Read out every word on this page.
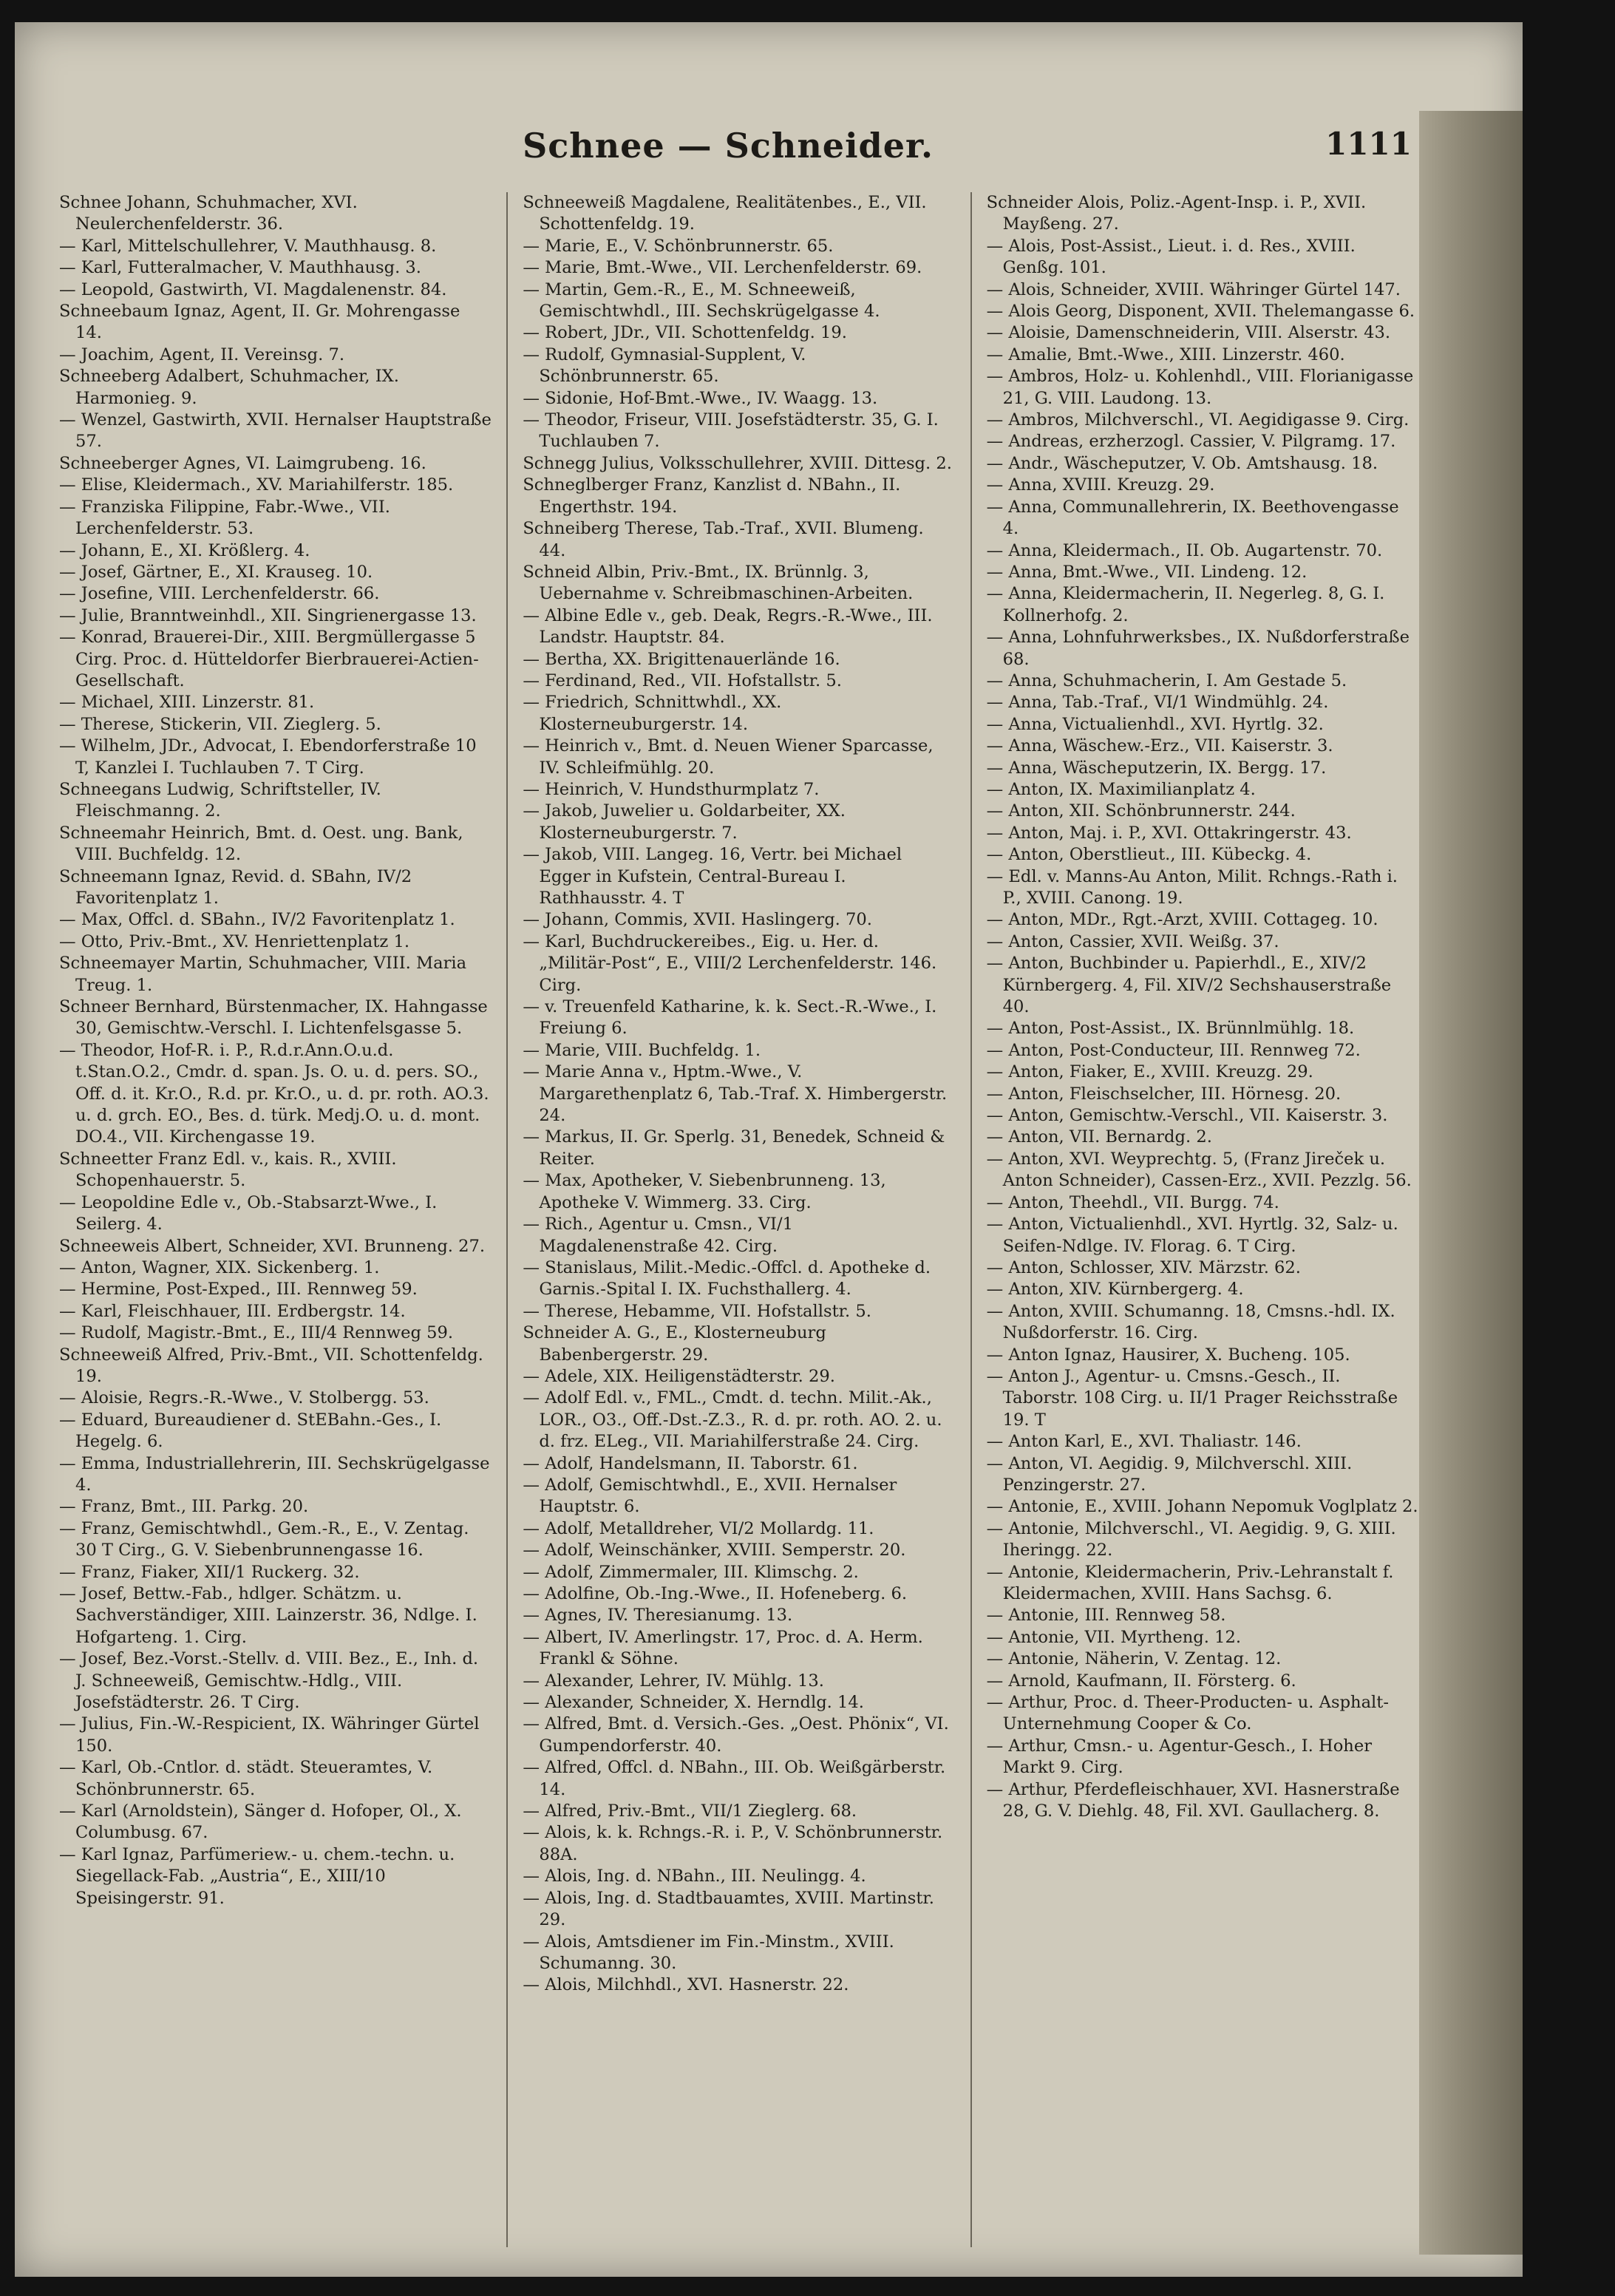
Schnee — Schneider.	1111

Schnee Johann, Schuhmacher, XVI. Neulerchenfelderstr. 36.

— Karl, Mittelschullehrer, V. Mauthhausg. 8.

— Karl, Futteralmacher, V. Mauthhausg. 3.

— Leopold, Gastwirth, VI. Magdalenenstr. 84.

Schneebaum Ignaz, Agent, II. Gr. Mohrengasse 14.

— Joachim, Agent, II. Vereinsg. 7.

Schneeberg Adalbert, Schuhmacher, IX. Harmonieg. 9.

— Wenzel, Gastwirth, XVII. Hernalser Hauptstraße 57.

Schneeberger Agnes, VI. Laimgrubeng. 16.

— Elise, Kleidermach., XV. Mariahilferstr. 185.

— Franziska Filippine, Fabr.-Wwe., VII. Lerchenfelderstr. 53.

— Johann, E., XI. Krößlerg. 4.

— Josef, Gärtner, E., XI. Krauseg. 10.

— Josefine, VIII. Lerchenfelderstr. 66.

— Julie, Branntweinhdl., XII. Singrienergasse 13.

— Konrad, Brauerei-Dir., XIII. Bergmüllergasse 5 Cirg. Proc. d. Hütteldorfer Bierbrauerei-Actien-Gesellschaft.

— Michael, XIII. Linzerstr. 81.

— Therese, Stickerin, VII. Zieglerg. 5.

— Wilhelm, JDr., Advocat, I. Ebendorferstraße 10 T, Kanzlei I. Tuchlauben 7. T Cirg.

Schneegans Ludwig, Schriftsteller, IV. Fleischmanng. 2.

Schneemahr Heinrich, Bmt. d. Oest. ung. Bank, VIII. Buchfeldg. 12.

Schneemann Ignaz, Revid. d. SBahn, IV/2 Favoritenplatz 1.

— Max, Offcl. d. SBahn., IV/2 Favoritenplatz 1.

— Otto, Priv.-Bmt., XV. Henriettenplatz 1.

Schneemayer Martin, Schuhmacher, VIII. Maria Treug. 1.

Schneer Bernhard, Bürstenmacher, IX. Hahngasse 30, Gemischtw.-Verschl. I. Lichtenfelsgasse 5.

— Theodor, Hof-R. i. P., R.d.r.Ann.O.u.d. t.Stan.O.2., Cmdr. d. span. Js. O. u. d. pers. SO., Off. d. it. Kr.O., R.d. pr. Kr.O., u. d. pr. roth. AO.3. u. d. grch. EO., Bes. d. türk. Medj.O. u. d. mont. DO.4., VII. Kirchengasse 19.

Schneetter Franz Edl. v., kais. R., XVIII. Schopenhauerstr. 5.

— Leopoldine Edle v., Ob.-Stabsarzt-Wwe., I. Seilerg. 4.

Schneeweis Albert, Schneider, XVI. Brunneng. 27.

— Anton, Wagner, XIX. Sickenberg. 1.

— Hermine, Post-Exped., III. Rennweg 59.

— Karl, Fleischhauer, III. Erdbergstr. 14.

— Rudolf, Magistr.-Bmt., E., III/4 Rennweg 59.

Schneeweiß Alfred, Priv.-Bmt., VII. Schottenfeldg. 19.

— Aloisie, Regrs.-R.-Wwe., V. Stolbergg. 53.

— Eduard, Bureaudiener d. StEBahn.-Ges., I. Hegelg. 6.

— Emma, Industriallehrerin, III. Sechskrügelgasse 4.

— Franz, Bmt., III. Parkg. 20.

— Franz, Gemischtwhdl., Gem.-R., E., V. Zentag. 30 T Cirg., G. V. Siebenbrunnengasse 16.

— Franz, Fiaker, XII/1 Ruckerg. 32.

— Josef, Bettw.-Fab., hdlger. Schätzm. u. Sachverständiger, XIII. Lainzerstr. 36, Ndlge. I. Hofgarteng. 1. Cirg.

— Josef, Bez.-Vorst.-Stellv. d. VIII. Bez., E., Inh. d. J. Schneeweiß, Gemischtw.-Hdlg., VIII. Josefstädterstr. 26. T Cirg.

— Julius, Fin.-W.-Respicient, IX. Währinger Gürtel 150.

— Karl, Ob.-Cntlor. d. städt. Steueramtes, V. Schönbrunnerstr. 65.

— Karl (Arnoldstein), Sänger d. Hofoper, Ol., X. Columbusg. 67.

— Karl Ignaz, Parfümeriew.- u. chem.-techn. u. Siegellack-Fab. „Austria“, E., XIII/10 Speisingerstr. 91.

Schneeweiß Magdalene, Realitätenbes., E., VII. Schottenfeldg. 19.

— Marie, E., V. Schönbrunnerstr. 65.

— Marie, Bmt.-Wwe., VII. Lerchenfelderstr. 69.

— Martin, Gem.-R., E., M. Schneeweiß, Gemischtwhdl., III. Sechskrügelgasse 4.

— Robert, JDr., VII. Schottenfeldg. 19.

— Rudolf, Gymnasial-Supplent, V. Schönbrunnerstr. 65.

— Sidonie, Hof-Bmt.-Wwe., IV. Waagg. 13.

— Theodor, Friseur, VIII. Josefstädterstr. 35, G. I. Tuchlauben 7.

Schnegg Julius, Volksschullehrer, XVIII. Dittesg. 2.

Schneglberger Franz, Kanzlist d. NBahn., II. Engerthstr. 194.

Schneiberg Therese, Tab.-Traf., XVII. Blumeng. 44.

Schneid Albin, Priv.-Bmt., IX. Brünnlg. 3, Uebernahme v. Schreibmaschinen-Arbeiten.

— Albine Edle v., geb. Deak, Regrs.-R.-Wwe., III. Landstr. Hauptstr. 84.

— Bertha, XX. Brigittenauerlände 16.

— Ferdinand, Red., VII. Hofstallstr. 5.

— Friedrich, Schnittwhdl., XX. Klosterneuburgerstr. 14.

— Heinrich v., Bmt. d. Neuen Wiener Sparcasse, IV. Schleifmühlg. 20.

— Heinrich, V. Hundsthurmplatz 7.

— Jakob, Juwelier u. Goldarbeiter, XX. Klosterneuburgerstr. 7.

— Jakob, VIII. Langeg. 16, Vertr. bei Michael Egger in Kufstein, Central-Bureau I. Rathhausstr. 4. T

— Johann, Commis, XVII. Haslingerg. 70.

— Karl, Buchdruckereibes., Eig. u. Her. d. „Militär-Post“, E., VIII/2 Lerchenfelderstr. 146. Cirg.

— v. Treuenfeld Katharine, k. k. Sect.-R.-Wwe., I. Freiung 6.

— Marie, VIII. Buchfeldg. 1.

— Marie Anna v., Hptm.-Wwe., V. Margarethenplatz 6, Tab.-Traf. X. Himbergerstr. 24.

— Markus, II. Gr. Sperlg. 31, Benedek, Schneid & Reiter.

— Max, Apotheker, V. Siebenbrunneng. 13, Apotheke V. Wimmerg. 33. Cirg.

— Rich., Agentur u. Cmsn., VI/1 Magdalenenstraße 42. Cirg.

— Stanislaus, Milit.-Medic.-Offcl. d. Apotheke d. Garnis.-Spital I. IX. Fuchsthallerg. 4.

— Therese, Hebamme, VII. Hofstallstr. 5.

Schneider A. G., E., Klosterneuburg Babenbergerstr. 29.

— Adele, XIX. Heiligenstädterstr. 29.

— Adolf Edl. v., FML., Cmdt. d. techn. Milit.-Ak., LOR., O3., Off.-Dst.-Z.3., R. d. pr. roth. AO. 2. u. d. frz. ELeg., VII. Mariahilferstraße 24. Cirg.

— Adolf, Handelsmann, II. Taborstr. 61.

— Adolf, Gemischtwhdl., E., XVII. Hernalser Hauptstr. 6.

— Adolf, Metalldreher, VI/2 Mollardg. 11.

— Adolf, Weinschänker, XVIII. Semperstr. 20.

— Adolf, Zimmermaler, III. Klimschg. 2.

— Adolfine, Ob.-Ing.-Wwe., II. Hofeneberg. 6.

— Agnes, IV. Theresianumg. 13.

— Albert, IV. Amerlingstr. 17, Proc. d. A. Herm. Frankl & Söhne.

— Alexander, Lehrer, IV. Mühlg. 13.

— Alexander, Schneider, X. Herndlg. 14.

— Alfred, Bmt. d. Versich.-Ges. „Oest. Phönix“, VI. Gumpendorferstr. 40.

— Alfred, Offcl. d. NBahn., III. Ob. Weißgärberstr. 14.

— Alfred, Priv.-Bmt., VII/1 Zieglerg. 68.

— Alois, k. k. Rchngs.-R. i. P., V. Schönbrunnerstr. 88A.

— Alois, Ing. d. NBahn., III. Neulingg. 4.

— Alois, Ing. d. Stadtbauamtes, XVIII. Martinstr. 29.

— Alois, Amtsdiener im Fin.-Minstm., XVIII. Schumanng. 30.

— Alois, Milchhdl., XVI. Hasnerstr. 22.

Schneider Alois, Poliz.-Agent-Insp. i. P., XVII. Mayßeng. 27.

— Alois, Post-Assist., Lieut. i. d. Res., XVIII. Genßg. 101.

— Alois, Schneider, XVIII. Währinger Gürtel 147.

— Alois Georg, Disponent, XVII. Thelemangasse 6.

— Aloisie, Damenschneiderin, VIII. Alserstr. 43.

— Amalie, Bmt.-Wwe., XIII. Linzerstr. 460.

— Ambros, Holz- u. Kohlenhdl., VIII. Florianigasse 21, G. VIII. Laudong. 13.

— Ambros, Milchverschl., VI. Aegidigasse 9. Cirg.

— Andreas, erzherzogl. Cassier, V. Pilgramg. 17.

— Andr., Wäscheputzer, V. Ob. Amtshausg. 18.

— Anna, XVIII. Kreuzg. 29.

— Anna, Communallehrerin, IX. Beethovengasse 4.

— Anna, Kleidermach., II. Ob. Augartenstr. 70.

— Anna, Bmt.-Wwe., VII. Lindeng. 12.

— Anna, Kleidermacherin, II. Negerleg. 8, G. I. Kollnerhofg. 2.

— Anna, Lohnfuhrwerksbes., IX. Nußdorferstraße 68.

— Anna, Schuhmacherin, I. Am Gestade 5.

— Anna, Tab.-Traf., VI/1 Windmühlg. 24.

— Anna, Victualienhdl., XVI. Hyrtlg. 32.

— Anna, Wäschew.-Erz., VII. Kaiserstr. 3.

— Anna, Wäscheputzerin, IX. Bergg. 17.

— Anton, IX. Maximilianplatz 4.

— Anton, XII. Schönbrunnerstr. 244.

— Anton, Maj. i. P., XVI. Ottakringerstr. 43.

— Anton, Oberstlieut., III. Kübeckg. 4.

— Edl. v. Manns-Au Anton, Milit. Rchngs.-Rath i. P., XVIII. Canong. 19.

— Anton, MDr., Rgt.-Arzt, XVIII. Cottageg. 10.

— Anton, Cassier, XVII. Weißg. 37.

— Anton, Buchbinder u. Papierhdl., E., XIV/2 Kürnbergerg. 4, Fil. XIV/2 Sechshauserstraße 40.

— Anton, Post-Assist., IX. Brünnlmühlg. 18.

— Anton, Post-Conducteur, III. Rennweg 72.

— Anton, Fiaker, E., XVIII. Kreuzg. 29.

— Anton, Fleischselcher, III. Hörnesg. 20.

— Anton, Gemischtw.-Verschl., VII. Kaiserstr. 3.

— Anton, VII. Bernardg. 2.

— Anton, XVI. Weyprechtg. 5, (Franz Jireček u. Anton Schneider), Cassen-Erz., XVII. Pezzlg. 56.

— Anton, Theehdl., VII. Burgg. 74.

— Anton, Victualienhdl., XVI. Hyrtlg. 32, Salz- u. Seifen-Ndlge. IV. Florag. 6. T Cirg.

— Anton, Schlosser, XIV. Märzstr. 62.

— Anton, XIV. Kürnbergerg. 4.

— Anton, XVIII. Schumanng. 18, Cmsns.-hdl. IX. Nußdorferstr. 16. Cirg.

— Anton Ignaz, Hausirer, X. Bucheng. 105.

— Anton J., Agentur- u. Cmsns.-Gesch., II. Taborstr. 108 Cirg. u. II/1 Prager Reichsstraße 19. T

— Anton Karl, E., XVI. Thaliastr. 146.

— Anton, VI. Aegidig. 9, Milchverschl. XIII. Penzingerstr. 27.

— Antonie, E., XVIII. Johann Nepomuk Voglplatz 2.

— Antonie, Milchverschl., VI. Aegidig. 9, G. XIII. Iheringg. 22.

— Antonie, Kleidermacherin, Priv.-Lehranstalt f. Kleidermachen, XVIII. Hans Sachsg. 6.

— Antonie, III. Rennweg 58.

— Antonie, VII. Myrtheng. 12.

— Antonie, Näherin, V. Zentag. 12.

— Arnold, Kaufmann, II. Försterg. 6.

— Arthur, Proc. d. Theer-Producten- u. Asphalt-Unternehmung Cooper & Co.

— Arthur, Cmsn.- u. Agentur-Gesch., I. Hoher Markt 9. Cirg.

— Arthur, Pferdefleischhauer, XVI. Hasnerstraße 28, G. V. Diehlg. 48, Fil. XVI. Gaullacherg. 8.
